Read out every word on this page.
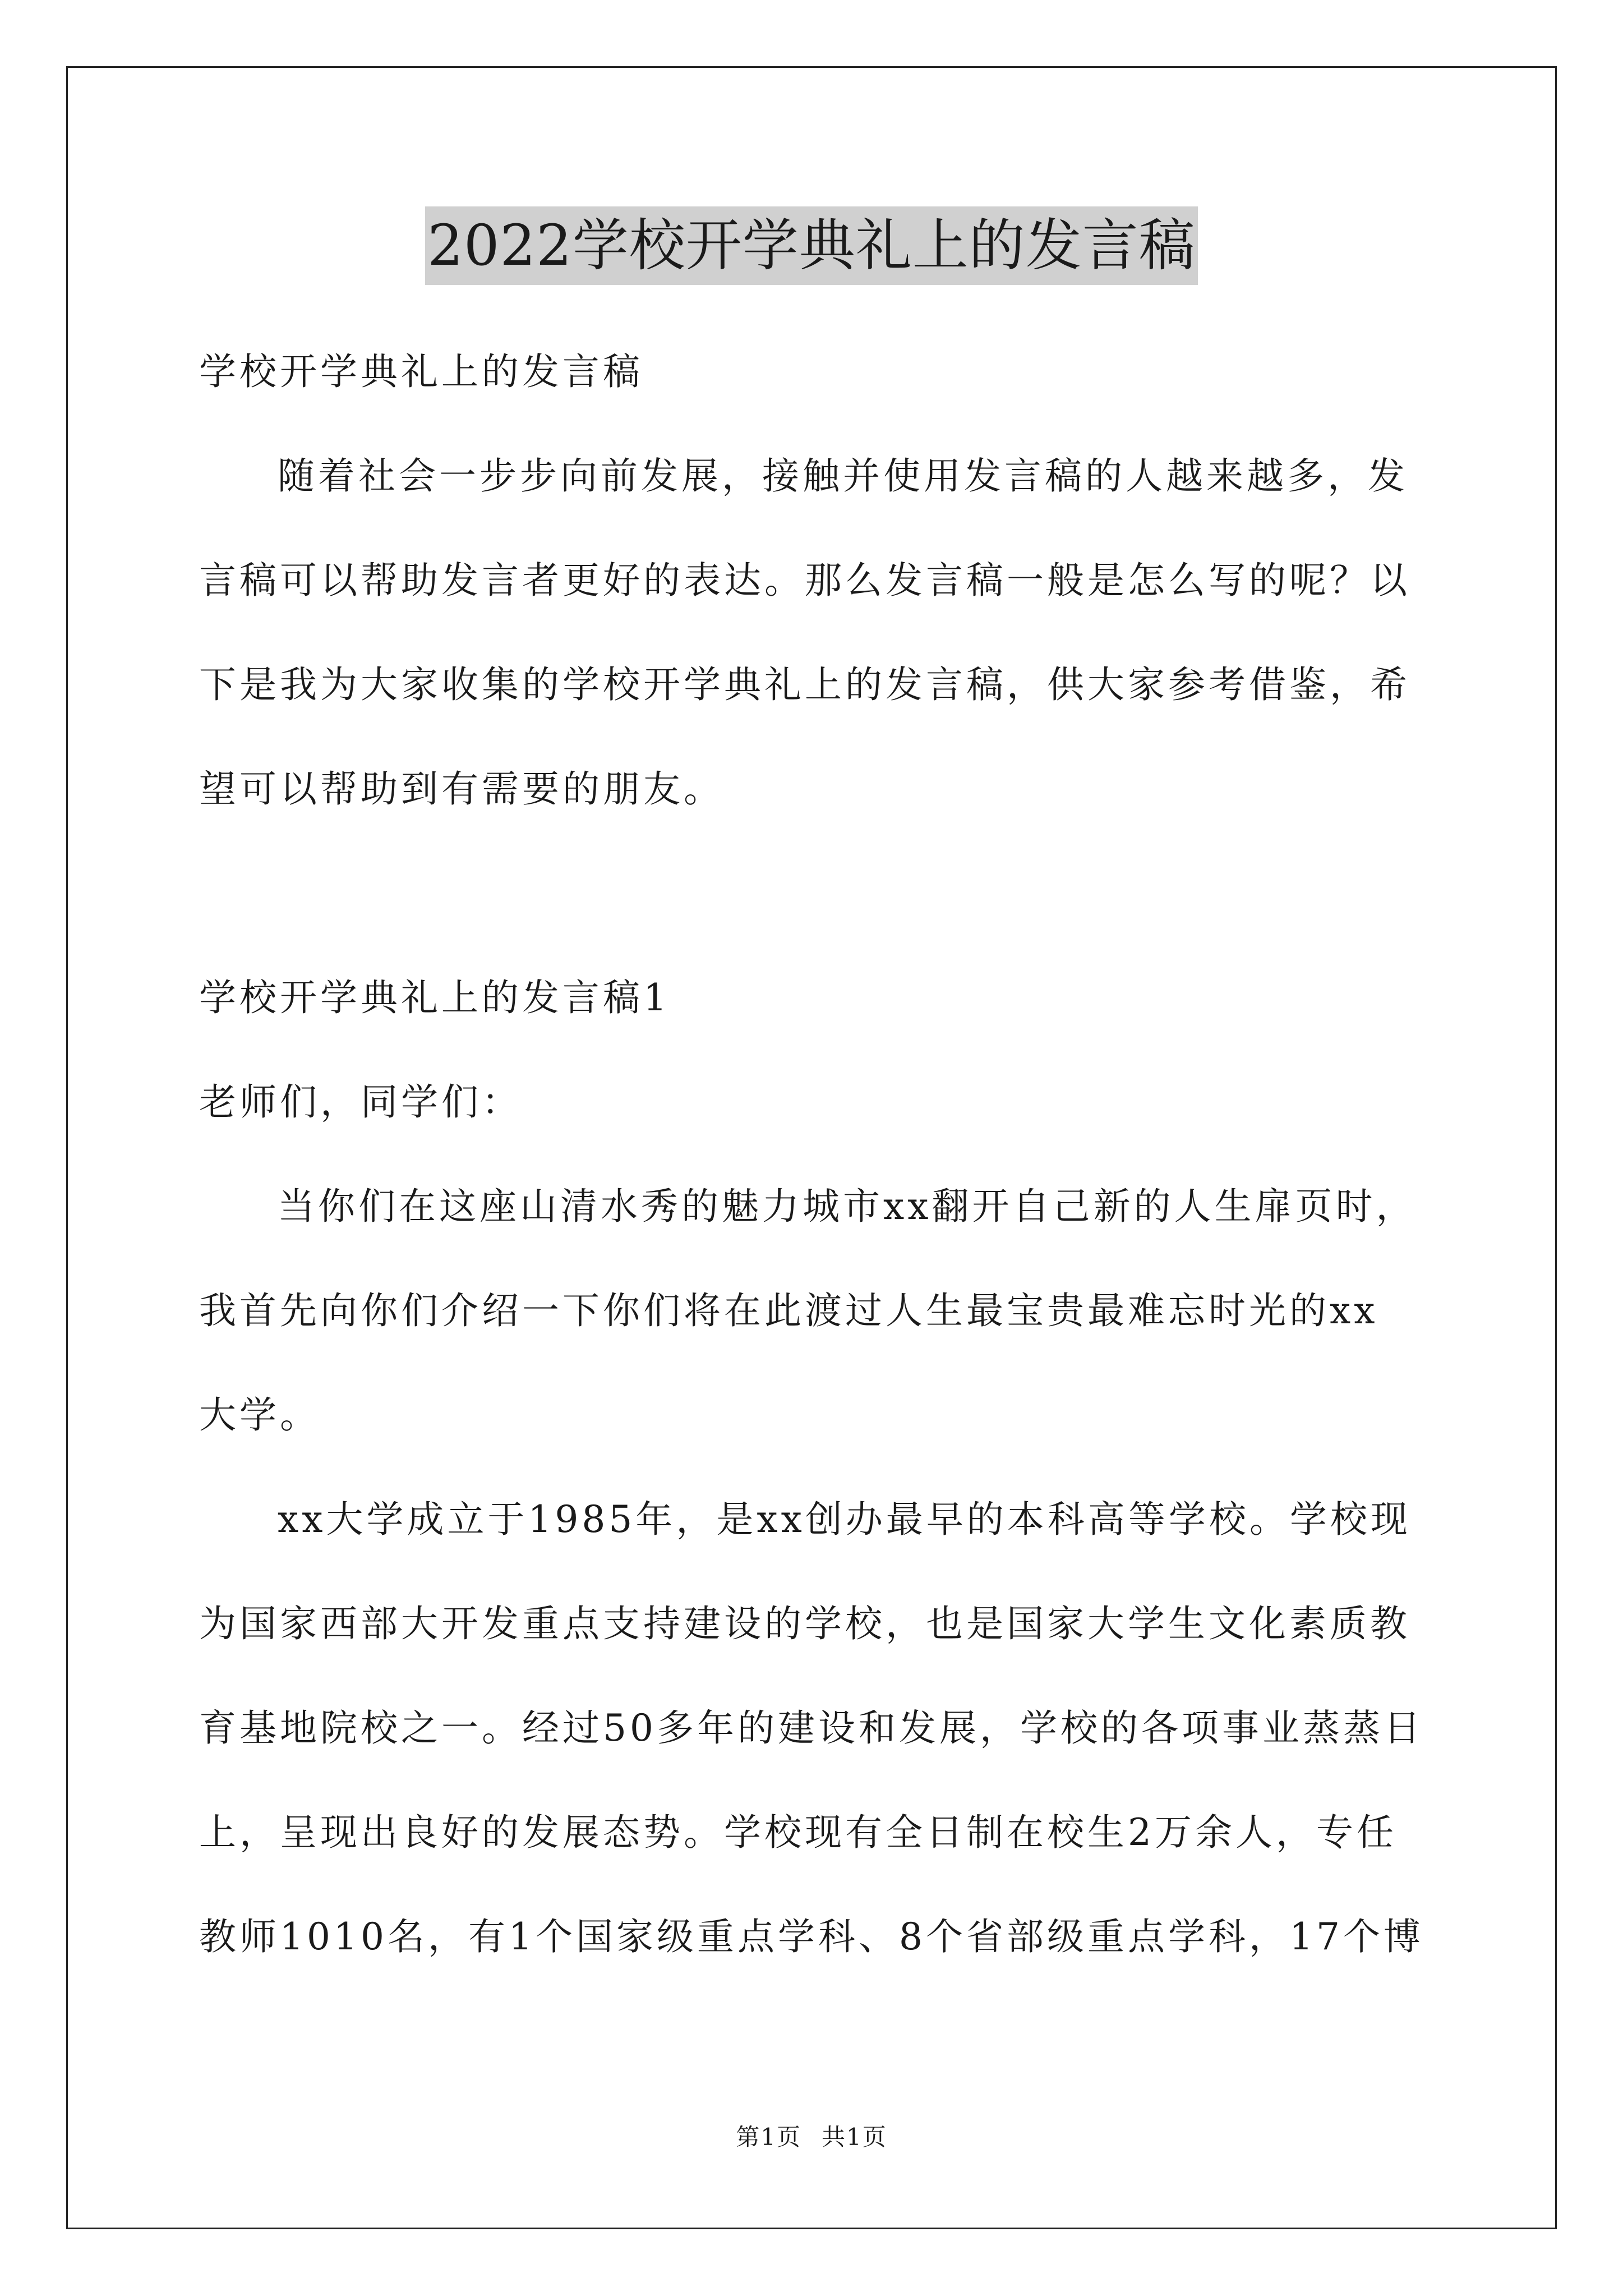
2022学校开学典礼上的发言稿
学校开学典礼上的发言稿
随着社会一步步向前发展，接触并使用发言稿的人越来越多，发
言稿可以帮助发言者更好的表达。那么发言稿一般是怎么写的呢？以
下是我为大家收集的学校开学典礼上的发言稿，供大家参考借鉴，希
望可以帮助到有需要的朋友。
学校开学典礼上的发言稿1
老师们，同学们：
当你们在这座山清水秀的魅力城市xx翻开自己新的人生扉页时，
我首先向你们介绍一下你们将在此渡过人生最宝贵最难忘时光的xx
大学。
xx大学成立于1985年，是xx创办最早的本科高等学校。学校现
为国家西部大开发重点支持建设的学校，也是国家大学生文化素质教
育基地院校之一。经过50多年的建设和发展，学校的各项事业蒸蒸日
上，呈现出良好的发展态势。学校现有全日制在校生2万余人，专任
教师1010名，有1个国家级重点学科、8个省部级重点学科，17个博
第1页 共1页
